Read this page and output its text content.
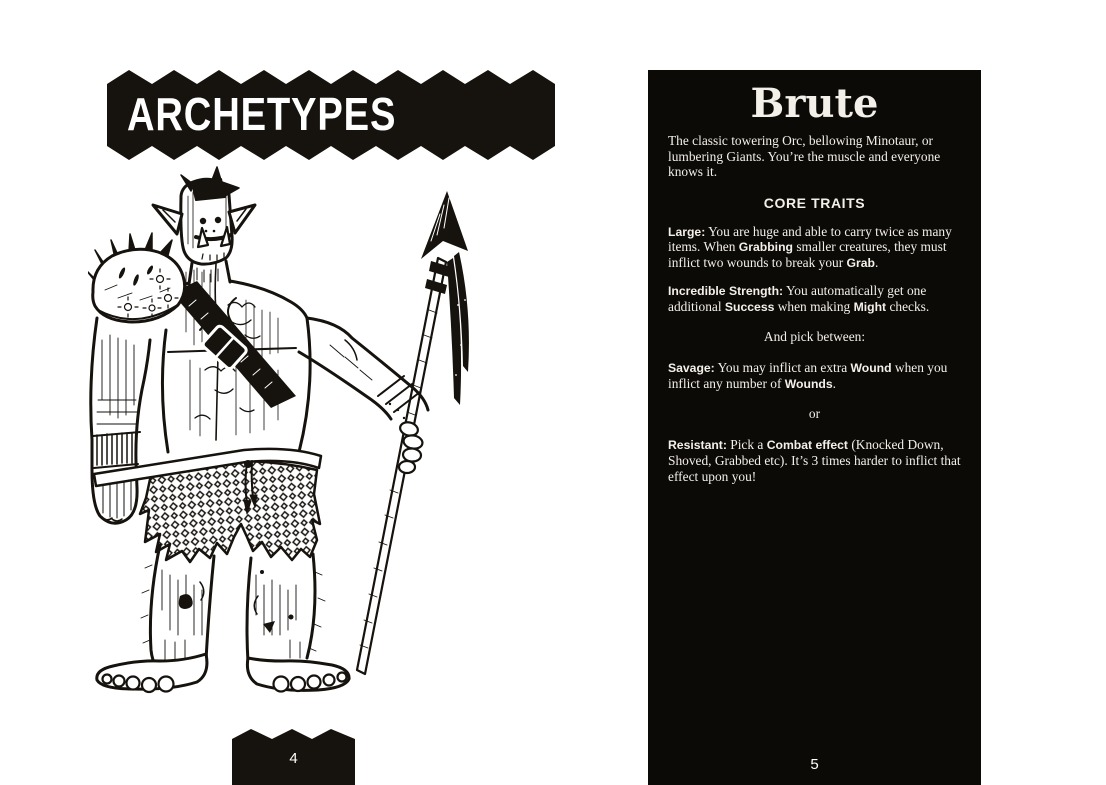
ARCHETYPES
4
Brute

The classic towering Orc, bellowing Minotaur, or lumbering Giants. You’re the muscle and everyone knows it.

CORE TRAITS

Large: You are huge and able to carry twice as many items. When Grabbing smaller creatures, they must inflict two wounds to break your Grab.

Incredible Strength: You automatically get one additional Success when making Might checks.

And pick between:

Savage: You may inflict an extra Wound when you inflict any number of Wounds.

or

Resistant: Pick a Combat effect (Knocked Down, Shoved, Grabbed etc). It’s 3 times harder to inflict that effect upon you!

5
